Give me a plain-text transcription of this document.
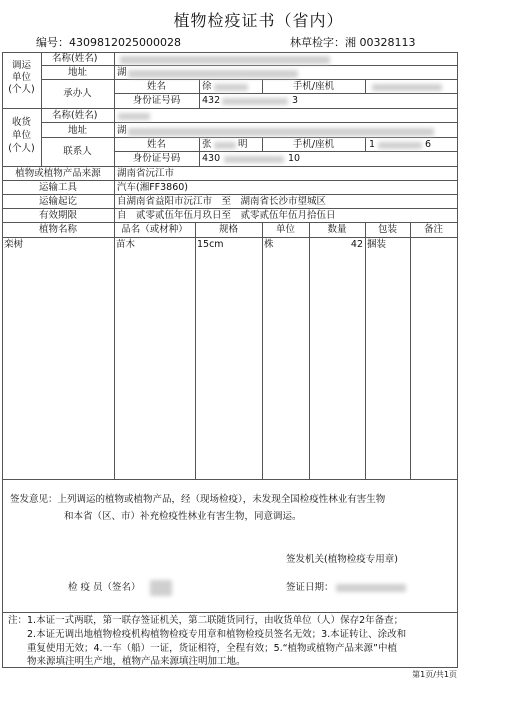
植物检疫证书（省内）
编号：4309812025000028	林草检字：湘 00328113
调运
单位
(个人)
名称(姓名)
地址	湖
承办人
姓名	徐	手机/座机
身份证号码	432	3
收货
单位
(个人)
名称(姓名)
地址	湖
联系人
姓名	张	明	手机/座机	1	6
身份证号码	430	10
植物或植物产品来源	湖南省沅江市
运输工具	汽车(湘FF3860)
运输起讫	自湖南省益阳市沅江市　至　湖南省长沙市望城区
有效期限	自　贰零贰伍年伍月玖日至　贰零贰伍年伍月拾伍日
植物名称	品名（或材种）	规格	单位	数量	包装	备注
栾树	苗木	15cm	株	42 捆装
签发意见：上列调运的植物或植物产品，经（现场检疫），未发现全国检疫性林业有害生物
和本省（区、市）补充检疫性林业有害生物，同意调运。
签发机关(植物检疫专用章)
检 疫 员（签名）	签证日期：
注：1.本证一式两联，第一联存签证机关，第二联随货同行，由收货单位（人）保存2年备查；
　　2.本证无调出地植物检疫机构植物检疫专用章和植物检疫员签名无效；3.本证转让、涂改和
　　重复使用无效；4.一车（船）一证，货证相符，全程有效；5.“植物或植物产品来源”中植
　　物来源填注明生产地，植物产品来源填注明加工地。
第1页/共1页
